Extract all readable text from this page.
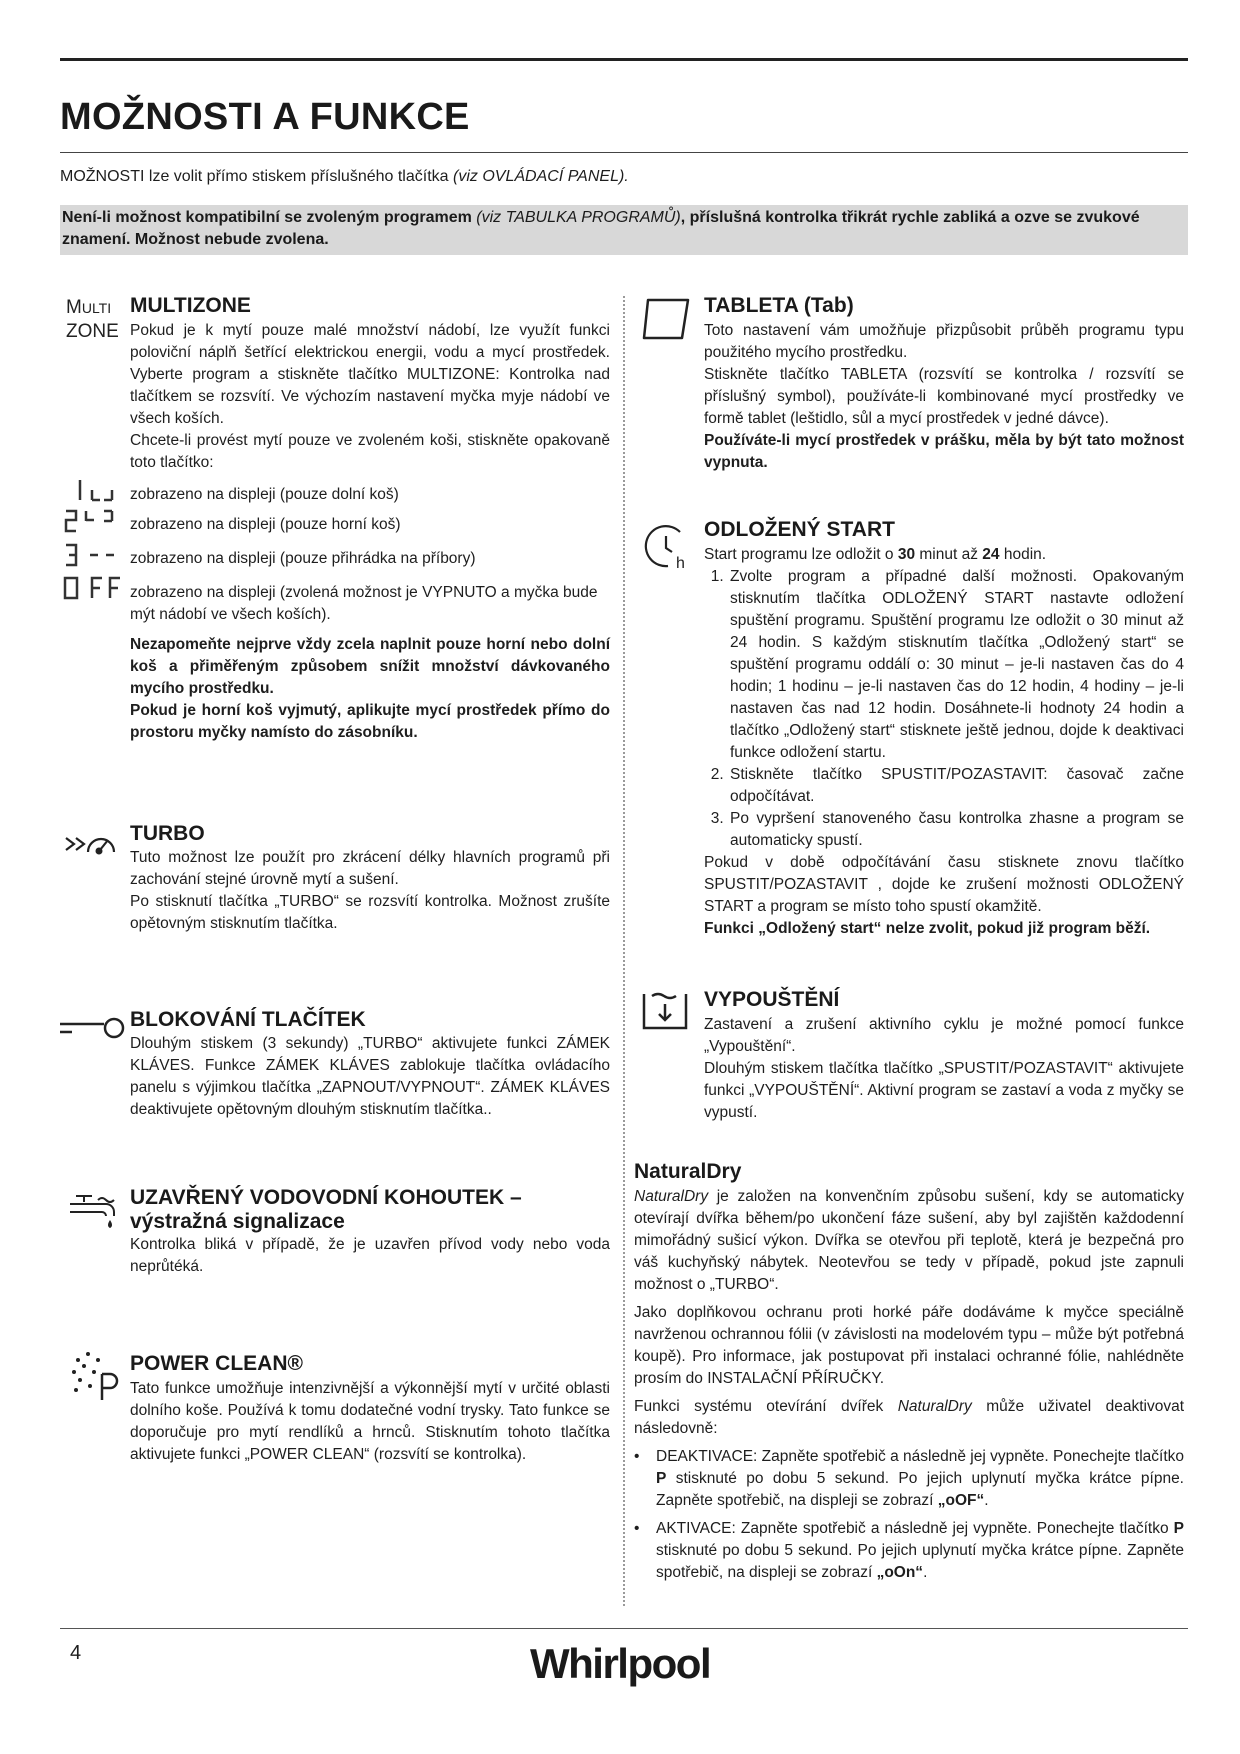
MOŽNOSTI A FUNKCE
MOŽNOSTI lze volit přímo stiskem příslušného tlačítka (viz OVLÁDACÍ PANEL).
Není-li možnost kompatibilní se zvoleným programem (viz TABULKA PROGRAMŮ), příslušná kontrolka třikrát rychle zabliká a ozve se zvukové znamení. Možnost nebude zvolena.
MULTI
ZONE
MULTIZONE

Pokud je k mytí pouze malé množství nádobí, lze využít funkci poloviční náplň šetřící elektrickou energii, vodu a mycí prostředek. Vyberte program a stiskněte tlačítko MULTIZONE: Kontrolka nad tlačítkem se rozsvítí. Ve výchozím nastavení myčka myje nádobí ve všech koších.

Chcete-li provést mytí pouze ve zvoleném koši, stiskněte opakovaně toto tlačítko:

zobrazeno na displeji (pouze dolní koš)
zobrazeno na displeji (pouze horní koš)
zobrazeno na displeji (pouze přihrádka na příbory)
zobrazeno na displeji (zvolená možnost je VYPNUTO a myčka bude mýt nádobí ve všech koších).

Nezapomeňte nejprve vždy zcela naplnit pouze horní nebo dolní koš a přiměřeným způsobem snížit množství dávkovaného mycího prostředku.

Pokud je horní koš vyjmutý, aplikujte mycí prostředek přímo do prostoru myčky namísto do zásobníku.

TURBO

Tuto možnost lze použít pro zkrácení délky hlavních programů při zachování stejné úrovně mytí a sušení.

Po stisknutí tlačítka „TURBO“ se rozsvítí kontrolka. Možnost zrušíte opětovným stisknutím tlačítka.

BLOKOVÁNÍ TLAČÍTEK

Dlouhým stiskem (3 sekundy) „TURBO“ aktivujete funkci ZÁMEK KLÁVES. Funkce ZÁMEK KLÁVES zablokuje tlačítka ovládacího panelu s výjimkou tlačítka „ZAPNOUT/VYPNOUT“. ZÁMEK KLÁVES deaktivujete opětovným dlouhým stisknutím tlačítka..

UZAVŘENÝ VODOVODNÍ KOHOUTEK –
výstražná signalizace

Kontrolka bliká v případě, že je uzavřen přívod vody nebo voda neprůtéká.

POWER CLEAN®

Tato funkce umožňuje intenzivnější a výkonnější mytí v určité oblasti dolního koše. Používá k tomu dodatečné vodní trysky. Tato funkce se doporučuje pro mytí rendlíků a hrnců. Stisknutím tohoto tlačítka aktivujete funkci „POWER CLEAN“ (rozsvítí se kontrolka).

TABLETA (Tab)

Toto nastavení vám umožňuje přizpůsobit průběh programu typu použitého mycího prostředku.

Stiskněte tlačítko TABLETA (rozsvítí se kontrolka / rozsvítí se příslušný symbol), používáte-li kombinované mycí prostředky ve formě tablet (leštidlo, sůl a mycí prostředek v jedné dávce).

Používáte-li mycí prostředek v prášku, měla by být tato možnost vypnuta.

h
ODLOŽENÝ START

Start programu lze odložit o 30 minut až 24 hodin.

1. Zvolte program a případné další možnosti. Opakovaným stisknutím tlačítka ODLOŽENÝ START nastavte odložení spuštění programu. Spuštění programu lze odložit o 30 minut až 24 hodin. S každým stisknutím tlačítka „Odložený start“ se spuštění programu oddálí o: 30 minut – je-li nastaven čas do 4 hodin; 1 hodinu – je-li nastaven čas do 12 hodin, 4 hodiny – je-li nastaven čas nad 12 hodin. Dosáhnete-li hodnoty 24 hodin a tlačítko „Odložený start“ stisknete ještě jednou, dojde k deaktivaci funkce odložení startu.
2. Stiskněte tlačítko SPUSTIT/POZASTAVIT: časovač začne odpočítávat.
3. Po vypršení stanoveného času kontrolka zhasne a program se automaticky spustí.

Pokud v době odpočítávání času stisknete znovu tlačítko SPUSTIT/POZASTAVIT , dojde ke zrušení možnosti ODLOŽENÝ START a program se místo toho spustí okamžitě.

Funkci „Odložený start“ nelze zvolit, pokud již program běží.

VYPOUŠTĚNÍ

Zastavení a zrušení aktivního cyklu je možné pomocí funkce „Vypouštění“.

Dlouhým stiskem tlačítka tlačítko „SPUSTIT/POZASTAVIT“ aktivujete funkci „VYPOUŠTĚNÍ“. Aktivní program se zastaví a voda z myčky se vypustí.

NaturalDry

NaturalDry je založen na konvenčním způsobu sušení, kdy se automaticky otevírají dvířka během/po ukončení fáze sušení, aby byl zajištěn každodenní mimořádný sušicí výkon. Dvířka se otevřou při teplotě, která je bezpečná pro váš kuchyňský nábytek. Neotevřou se tedy v případě, pokud jste zapnuli možnost o „TURBO“.

Jako doplňkovou ochranu proti horké páře dodáváme k myčce speciálně navrženou ochrannou fólii (v závislosti na modelovém typu – může být potřebná koupě). Pro informace, jak postupovat při instalaci ochranné fólie, nahlédněte prosím do INSTALAČNÍ PŘÍRUČKY.

Funkci systému otevírání dvířek NaturalDry může uživatel deaktivovat následovně:

• DEAKTIVACE: Zapněte spotřebič a následně jej vypněte. Ponechejte tlačítko P stisknuté po dobu 5 sekund. Po jejich uplynutí myčka krátce pípne. Zapněte spotřebič, na displeji se zobrazí „oOF“.
• AKTIVACE: Zapněte spotřebič a následně jej vypněte. Ponechejte tlačítko P stisknuté po dobu 5 sekund. Po jejich uplynutí myčka krátce pípne. Zapněte spotřebič, na displeji se zobrazí „oOn“.
4	Whirlpool
